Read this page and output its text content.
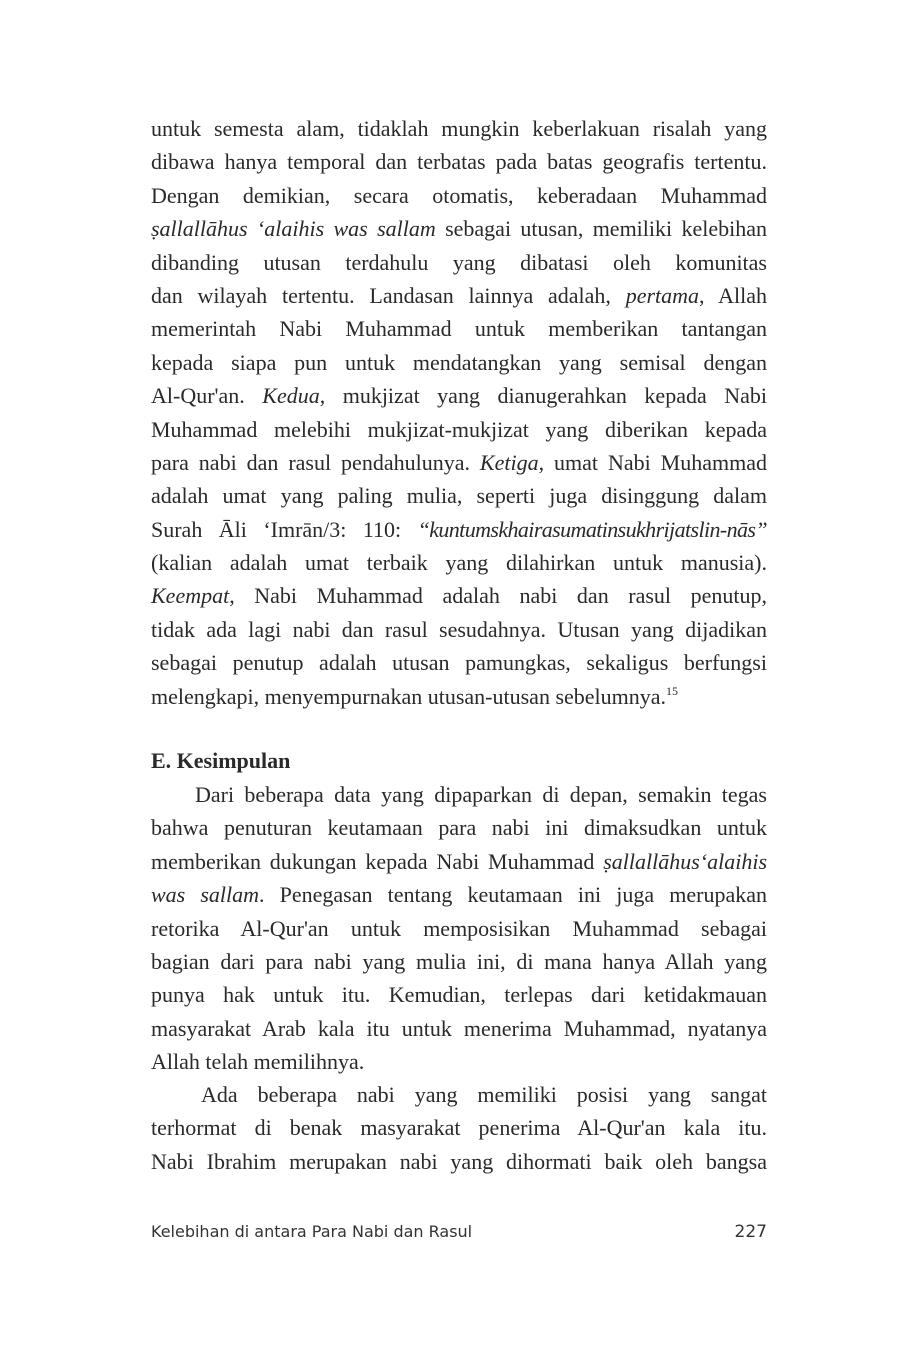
untuk semesta alam, tidaklah mungkin keberlakuan risalah yang
dibawa hanya temporal dan terbatas pada batas geografis tertentu.
Dengan demikian, secara otomatis, keberadaan Muhammad
ṣallallāhus ‘alaihis was sallam sebagai utusan, memiliki kelebihan
dibanding utusan terdahulu yang dibatasi oleh komunitas
dan wilayah tertentu. Landasan lainnya adalah, pertama, Allah
memerintah Nabi Muhammad untuk memberikan tantangan
kepada siapa pun untuk mendatangkan yang semisal dengan
Al-Qur'an. Kedua, mukjizat yang dianugerahkan kepada Nabi
Muhammad melebihi mukjizat-mukjizat yang diberikan kepada
para nabi dan rasul pendahulunya. Ketiga, umat Nabi Muhammad
adalah umat yang paling mulia, seperti juga disinggung dalam
Surah Āli ‘Imrān/3: 110: “kuntumskhairasumatinsukhrijatslin-nās”
(kalian adalah umat terbaik yang dilahirkan untuk manusia).
Keempat, Nabi Muhammad adalah nabi dan rasul penutup,
tidak ada lagi nabi dan rasul sesudahnya. Utusan yang dijadikan
sebagai penutup adalah utusan pamungkas, sekaligus berfungsi
melengkapi, menyempurnakan utusan-utusan sebelumnya.$^{15}$
E. Kesimpulan
Dari beberapa data yang dipaparkan di depan, semakin tegas
bahwa penuturan keutamaan para nabi ini dimaksudkan untuk
memberikan dukungan kepada Nabi Muhammad ṣallallāhus‘alaihis
was sallam. Penegasan tentang keutamaan ini juga merupakan
retorika Al-Qur'an untuk memposisikan Muhammad sebagai
bagian dari para nabi yang mulia ini, di mana hanya Allah yang
punya hak untuk itu. Kemudian, terlepas dari ketidakmauan
masyarakat Arab kala itu untuk menerima Muhammad, nyatanya
Allah telah memilihnya.
Ada beberapa nabi yang memiliki posisi yang sangat
terhormat di benak masyarakat penerima Al-Qur'an kala itu.
Nabi Ibrahim merupakan nabi yang dihormati baik oleh bangsa
Kelebihan di antara Para Nabi dan Rasul	227
